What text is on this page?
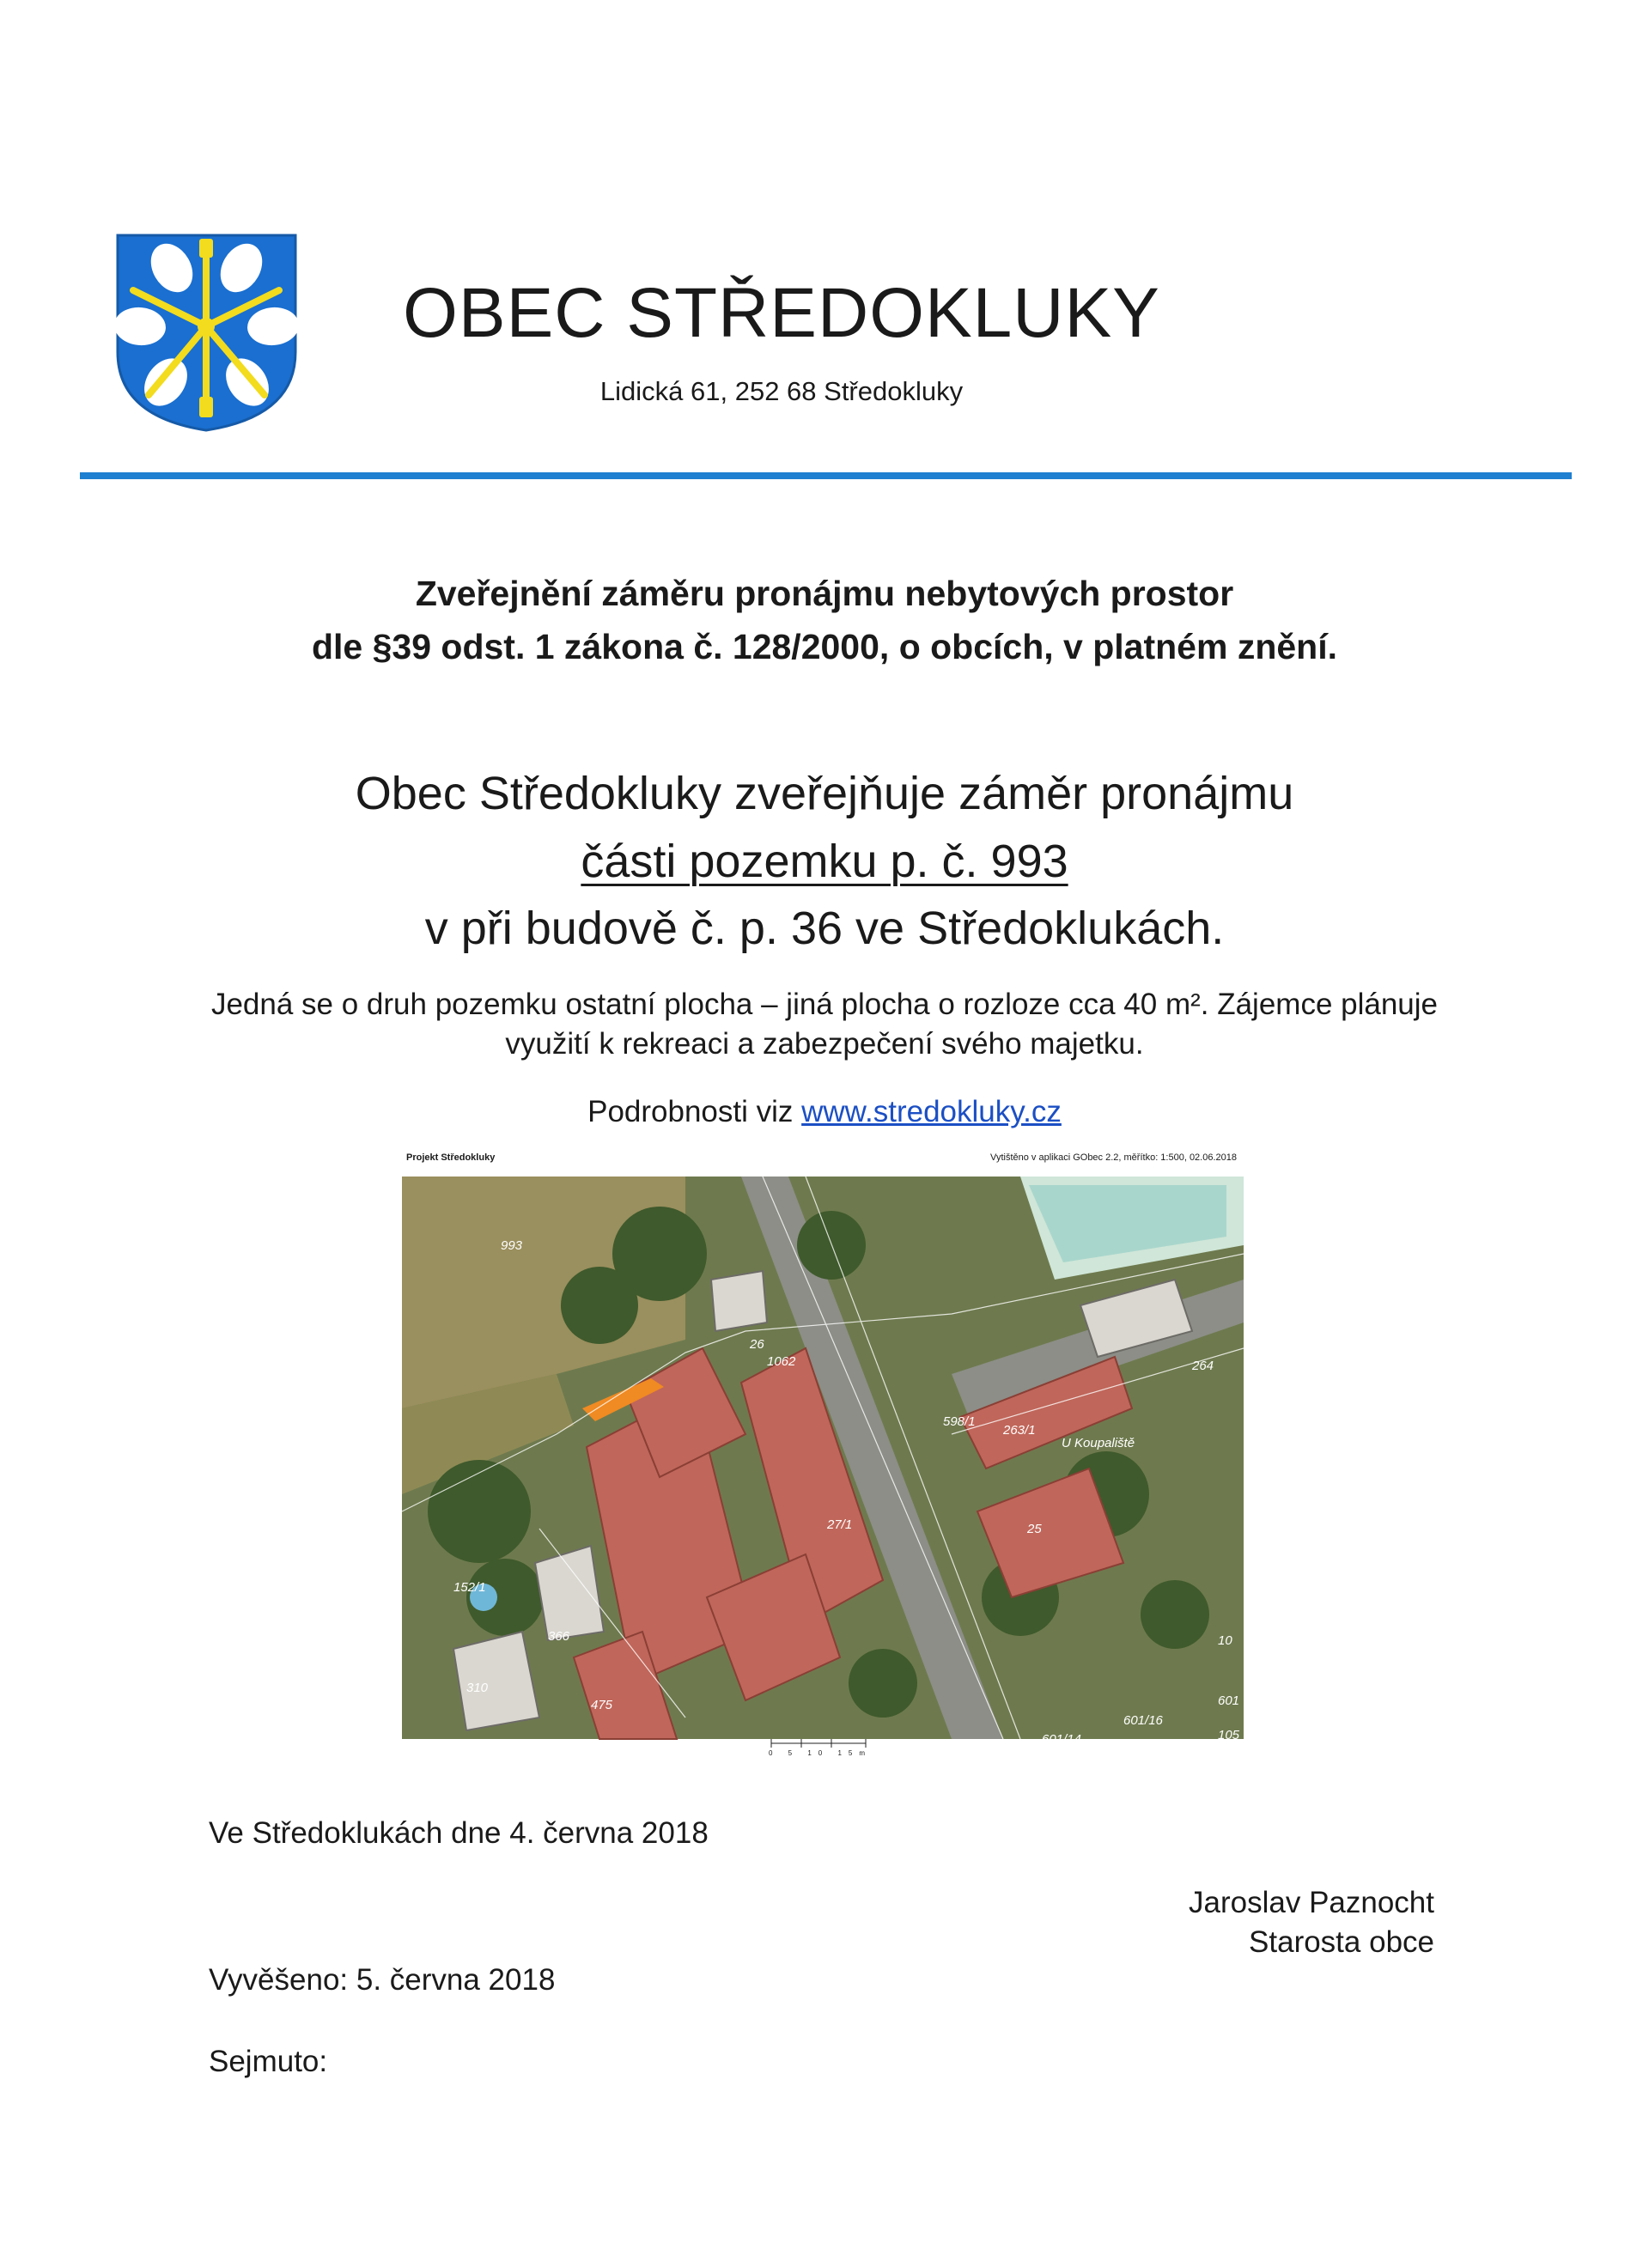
OBEC STŘEDOKLUKY
Lidická 61, 252 68 Středokluky
Zveřejnění záměru pronájmu nebytových prostor
dle §39 odst. 1 zákona č. 128/2000, o obcích, v platném znění.
Obec Středokluky zveřejňuje záměr pronájmu
části pozemku p. č. 993
v při budově č. p. 36 ve Středoklukách.
Jedná se o druh pozemku ostatní plocha – jiná plocha o rozloze cca 40 m². Zájemce plánuje
využití k rekreaci a zabezpečení svého majetku.
Podrobnosti viz www.stredokluky.cz
Projekt Středokluky	Vytištěno v aplikaci GObec 2.2, měřítko: 1:500, 02.06.2018
993
26
1062	264
263/1
598/1
U Koupaliště
25
27/1
152/1
366
310
475
601/16
601
601/14	105
10
0 5 10 15m
Ve Středoklukách dne 4. června 2018
Jaroslav Paznocht
Starosta obce
Vyvěšeno: 5. června 2018
Sejmuto:
